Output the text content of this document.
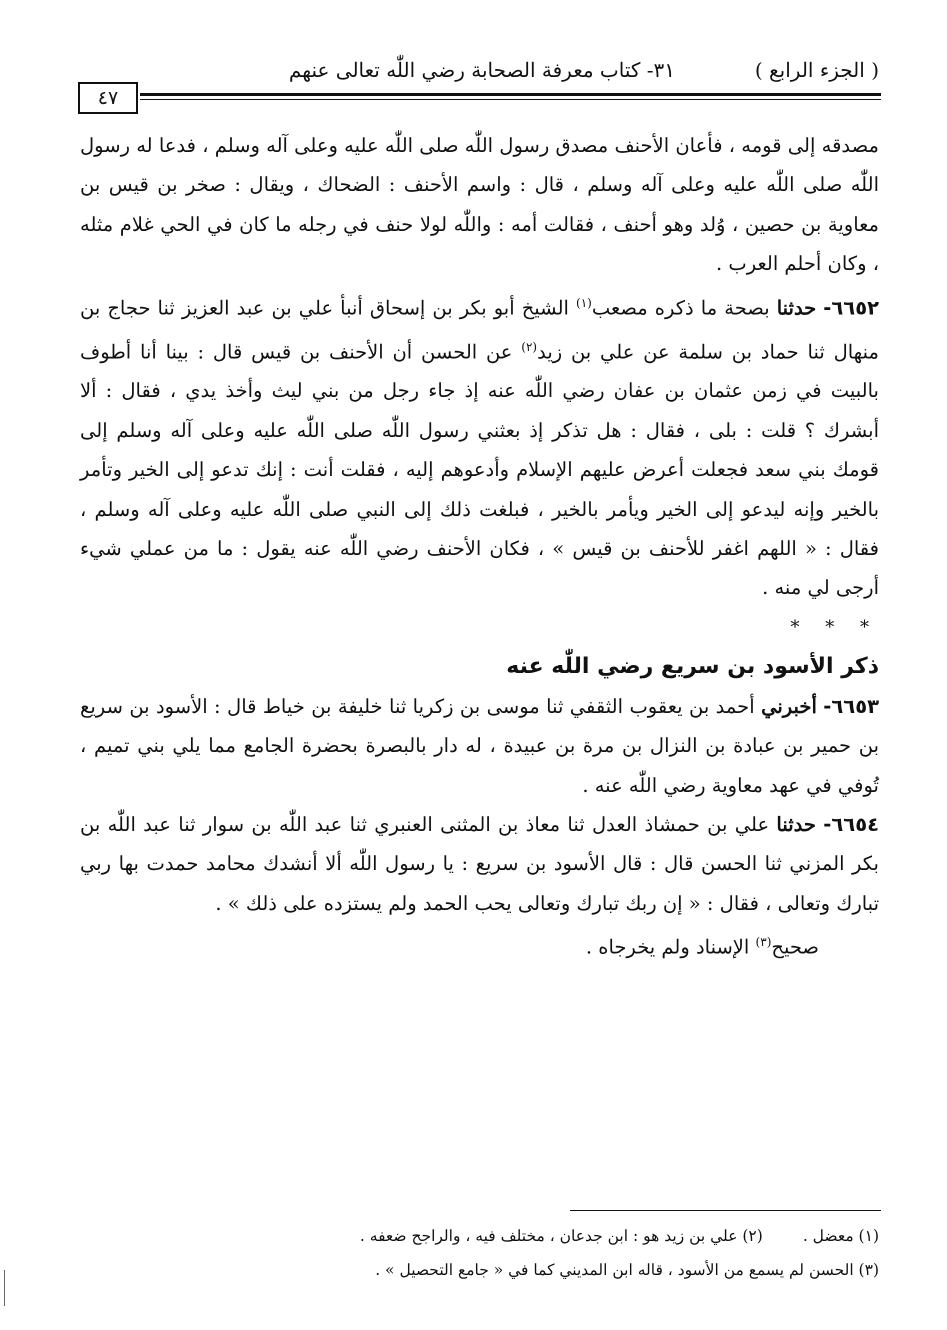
( الجزء الرابع )
٣١- كتاب معرفة الصحابة رضي اللّٰه تعالى عنهم
٤٧

مصدقه إلى قومه ، فأعان الأحنف مصدق رسول اللّٰه صلى اللّٰه عليه وعلى آله وسلم ، فدعا له رسول اللّٰه صلى اللّٰه عليه وعلى آله وسلم ، قال : واسم الأحنف : الضحاك ، ويقال : صخر بن قيس بن معاوية بن حصين ، وُلد وهو أحنف ، فقالت أمه : واللّٰه لولا حنف في رجله ما كان في الحي غلام مثله ، وكان أحلم العرب .

٦٦٥٢- حدثنا بصحة ما ذكره مصعب$^{(١)}$ الشيخ أبو بكر بن إسحاق أنبأ علي بن عبد العزيز ثنا حجاج بن منهال ثنا حماد بن سلمة عن علي بن زيد$^{(٢)}$ عن الحسن أن الأحنف بن قيس قال : بينا أنا أطوف بالبيت في زمن عثمان بن عفان رضي اللّٰه عنه إذ جاء رجل من بني ليث وأخذ يدي ، فقال : ألا أبشرك ؟ قلت : بلى ، فقال : هل تذكر إذ بعثني رسول اللّٰه صلى اللّٰه عليه وعلى آله وسلم إلى قومك بني سعد فجعلت أعرض عليهم الإسلام وأدعوهم إليه ، فقلت أنت : إنك تدعو إلى الخير وتأمر بالخير وإنه ليدعو إلى الخير ويأمر بالخير ، فبلغت ذلك إلى النبي صلى اللّٰه عليه وعلى آله وسلم ، فقال : « اللهم اغفر للأحنف بن قيس » ، فكان الأحنف رضي اللّٰه عنه يقول : ما من عملي شيء أرجى لي منه .

* * *

ذكر الأسود بن سريع رضي اللّٰه عنه

٦٦٥٣- أخبرني أحمد بن يعقوب الثقفي ثنا موسى بن زكريا ثنا خليفة بن خياط قال : الأسود بن سريع بن حمير بن عبادة بن النزال بن مرة بن عبيدة ، له دار بالبصرة بحضرة الجامع مما يلي بني تميم ، تُوفي في عهد معاوية رضي اللّٰه عنه .

٦٦٥٤- حدثنا علي بن حمشاذ العدل ثنا معاذ بن المثنى العنبري ثنا عبد اللّٰه بن سوار ثنا عبد اللّٰه بن بكر المزني ثنا الحسن قال : قال الأسود بن سريع : يا رسول اللّٰه ألا أنشدك محامد حمدت بها ربي تبارك وتعالى ، فقال : « إن ربك تبارك وتعالى يحب الحمد ولم يستزده على ذلك » .

صحيح$^{(٣)}$ الإسناد ولم يخرجاه .

(١) معضل .(٢) علي بن زيد هو : ابن جدعان ، مختلف فيه ، والراجح ضعفه .
(٣) الحسن لم يسمع من الأسود ، قاله ابن المديني كما في « جامع التحصيل » .
